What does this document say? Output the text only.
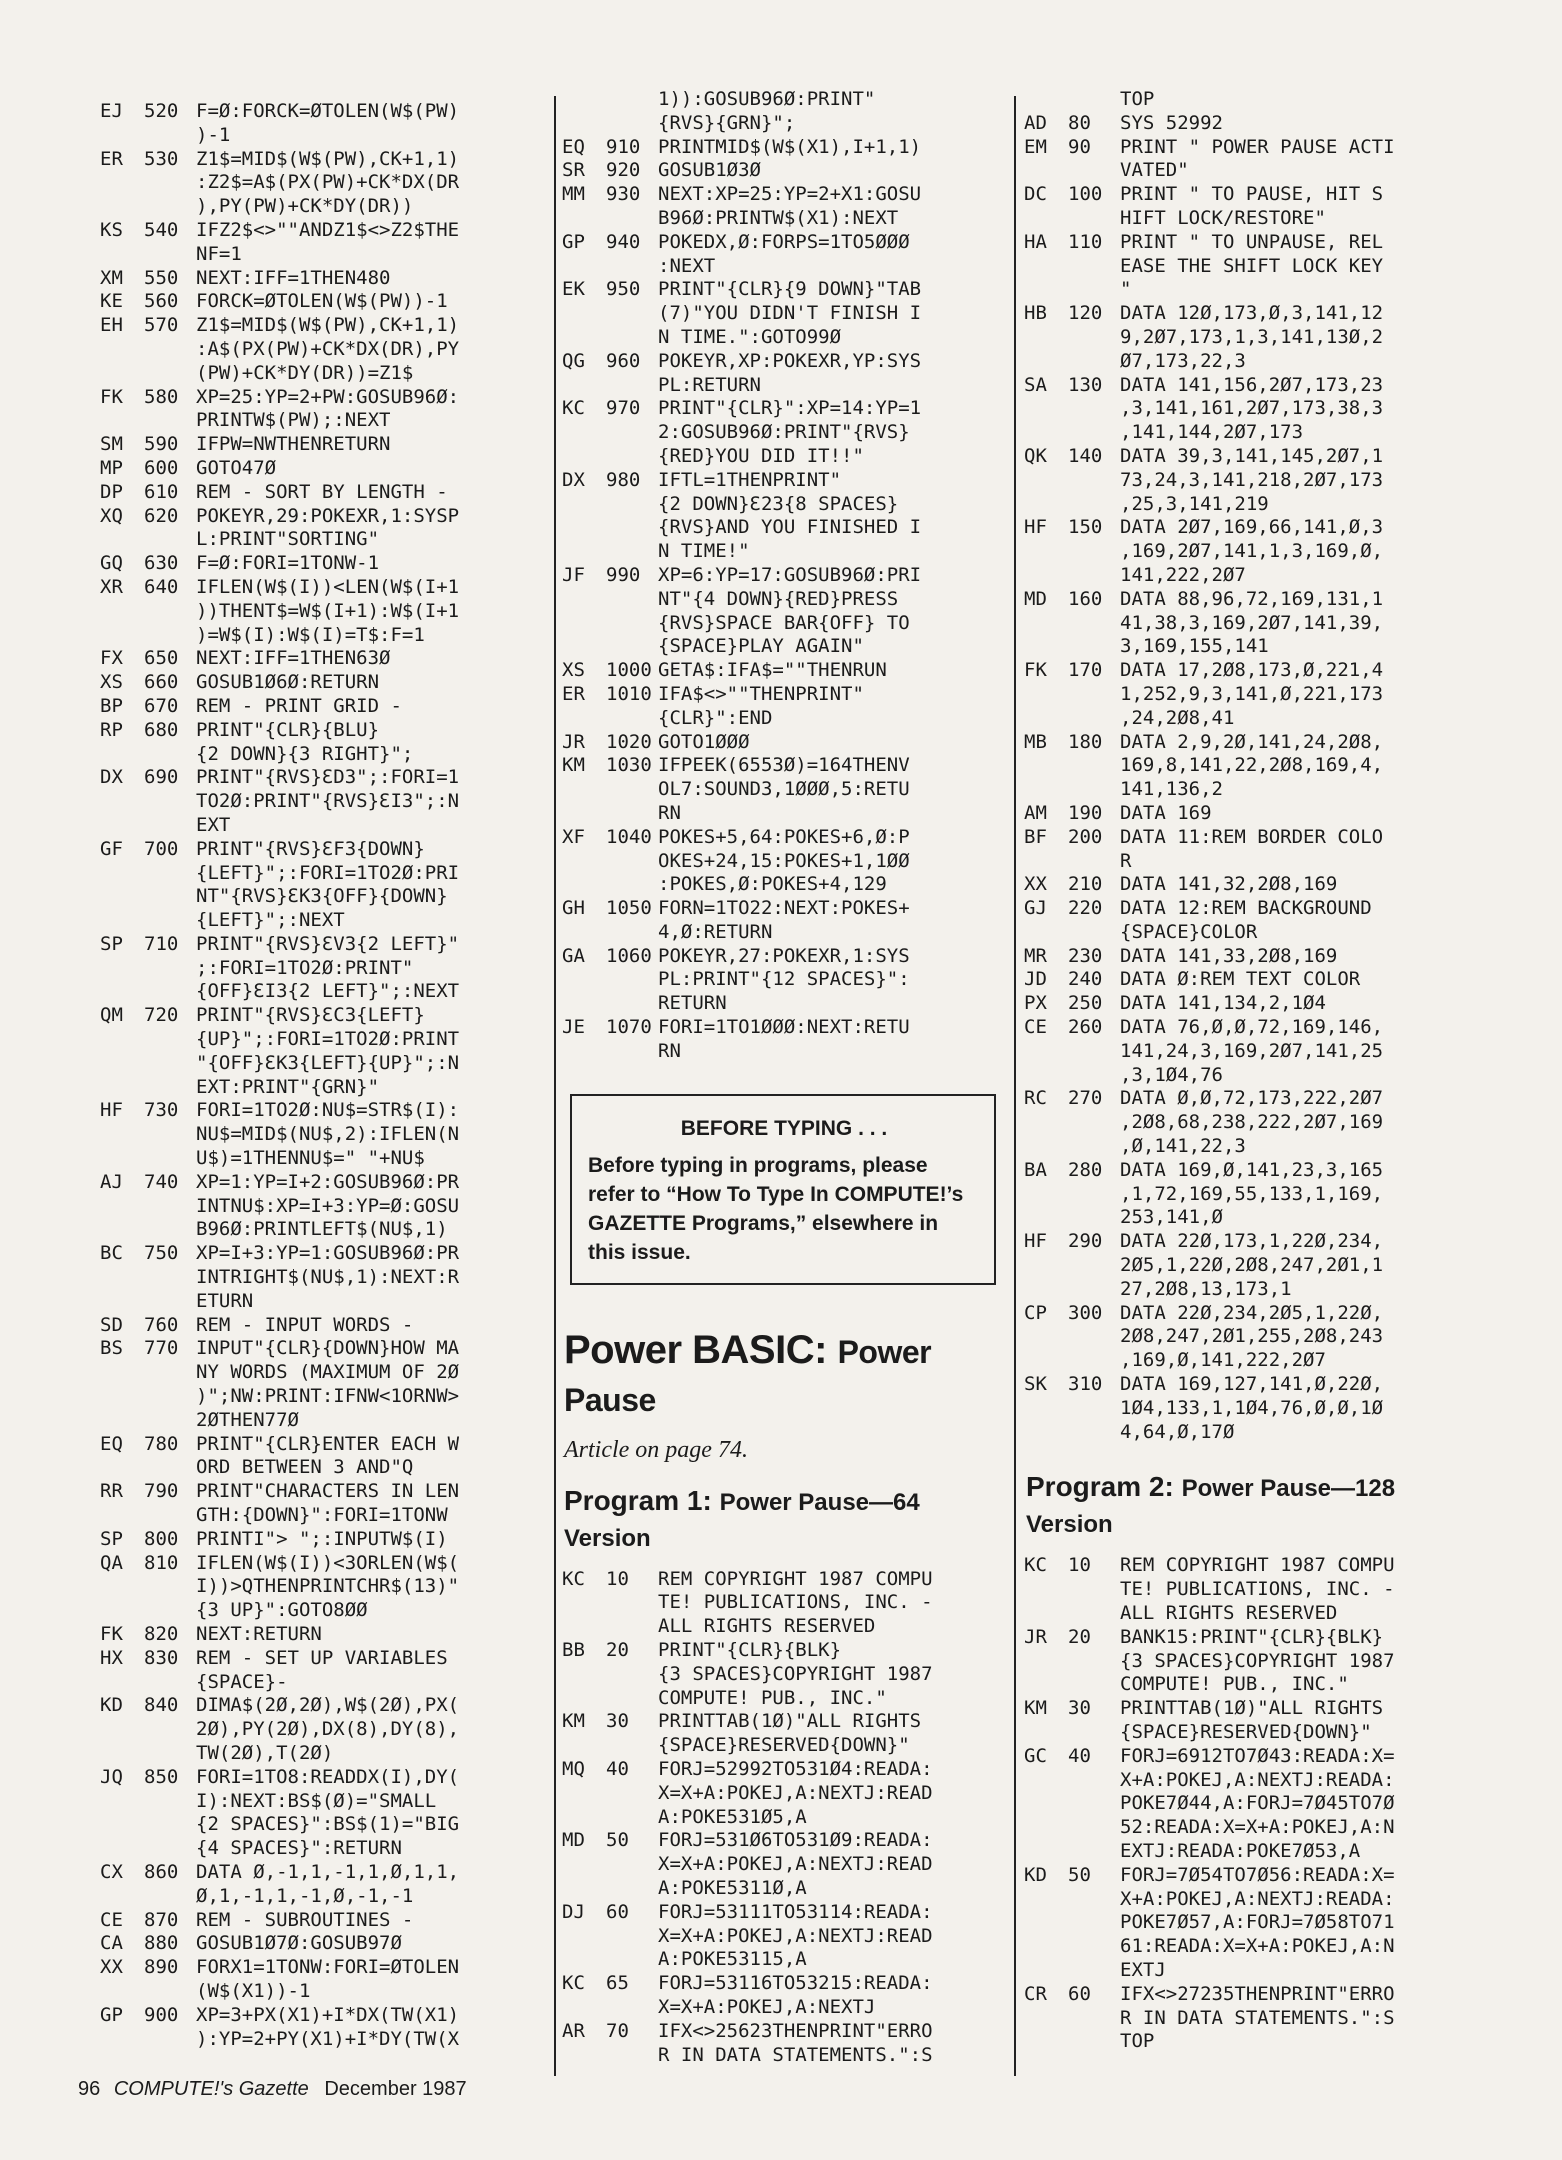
EJ	520 F=Ø:FORCK=ØTOLEN(W$(PW)
)-1
ER	530 Z1$=MID$(W$(PW),CK+1,1)
:Z2$=A$(PX(PW)+CK*DX(DR
),PY(PW)+CK*DY(DR))
KS	540 IFZ2$<>""ANDZ1$<>Z2$THE
NF=1
XM	550 NEXT:IFF=1THEN480
KE	560 FORCK=ØTOLEN(W$(PW))-1
EH	570 Z1$=MID$(W$(PW),CK+1,1)
:A$(PX(PW)+CK*DX(DR),PY
(PW)+CK*DY(DR))=Z1$
FK	580 XP=25:YP=2+PW:GOSUB96Ø:
PRINTW$(PW);:NEXT
SM	590 IFPW=NWTHENRETURN
MP	600 GOTO47Ø
DP	610 REM - SORT BY LENGTH -
XQ	620 POKEYR,29:POKEXR,1:SYSP
L:PRINT"SORTING"
GQ	630 F=Ø:FORI=1TONW-1
XR	640 IFLEN(W$(I))<LEN(W$(I+1
))THENT$=W$(I+1):W$(I+1
)=W$(I):W$(I)=T$:F=1
FX	650 NEXT:IFF=1THEN63Ø
XS	660 GOSUB1Ø6Ø:RETURN
BP	670 REM - PRINT GRID -
RP	680 PRINT"{CLR}{BLU}
{2 DOWN}{3 RIGHT}";
DX	690 PRINT"{RVS}ƐD3";:FORI=1
TO2Ø:PRINT"{RVS}ƐI3";:N
EXT
GF	700 PRINT"{RVS}ƐF3{DOWN}
{LEFT}";:FORI=1TO2Ø:PRI
NT"{RVS}ƐK3{OFF}{DOWN}
{LEFT}";:NEXT
SP	710 PRINT"{RVS}ƐV3{2 LEFT}"
;:FORI=1TO2Ø:PRINT"
{OFF}ƐI3{2 LEFT}";:NEXT
QM	720 PRINT"{RVS}ƐC3{LEFT}
{UP}";:FORI=1TO2Ø:PRINT
"{OFF}ƐK3{LEFT}{UP}";:N
EXT:PRINT"{GRN}"
HF	730 FORI=1TO2Ø:NU$=STR$(I):
NU$=MID$(NU$,2):IFLEN(N
U$)=1THENNU$=" "+NU$
AJ	740 XP=1:YP=I+2:GOSUB96Ø:PR
INTNU$:XP=I+3:YP=Ø:GOSU
B96Ø:PRINTLEFT$(NU$,1)
BC	750 XP=I+3:YP=1:GOSUB96Ø:PR
INTRIGHT$(NU$,1):NEXT:R
ETURN
SD	760 REM - INPUT WORDS -
BS	770 INPUT"{CLR}{DOWN}HOW MA
NY WORDS (MAXIMUM OF 2Ø
)";NW:PRINT:IFNW<1ORNW>
2ØTHEN77Ø
EQ	780 PRINT"{CLR}ENTER EACH W
ORD BETWEEN 3 AND"Q
RR	790 PRINT"CHARACTERS IN LEN
GTH:{DOWN}":FORI=1TONW
SP	800 PRINTI"> ";:INPUTW$(I)
QA	810 IFLEN(W$(I))<3ORLEN(W$(
I))>QTHENPRINTCHR$(13)"
{3 UP}":GOTO8ØØ
FK	820 NEXT:RETURN
HX	830 REM - SET UP VARIABLES
{SPACE}-
KD	840 DIMA$(2Ø,2Ø),W$(2Ø),PX(
2Ø),PY(2Ø),DX(8),DY(8),
TW(2Ø),T(2Ø)
JQ	850 FORI=1TO8:READDX(I),DY(
I):NEXT:BS$(Ø)="SMALL
{2 SPACES}":BS$(1)="BIG
{4 SPACES}":RETURN
CX	860 DATA Ø,-1,1,-1,1,Ø,1,1,
Ø,1,-1,1,-1,Ø,-1,-1
CE	870 REM - SUBROUTINES -
CA	880 GOSUB1Ø7Ø:GOSUB97Ø
XX	890 FORX1=1TONW:FORI=ØTOLEN
(W$(X1))-1
GP	900 XP=3+PX(X1)+I*DX(TW(X1)
):YP=2+PY(X1)+I*DY(TW(X
1)):GOSUB96Ø:PRINT"
{RVS}{GRN}";
EQ	910 PRINTMID$(W$(X1),I+1,1)
SR	920 GOSUB1Ø3Ø
MM	930 NEXT:XP=25:YP=2+X1:GOSU
B96Ø:PRINTW$(X1):NEXT
GP	940 POKEDX,Ø:FORPS=1TO5ØØØ
:NEXT
EK	950 PRINT"{CLR}{9 DOWN}"TAB
(7)"YOU DIDN'T FINISH I
N TIME.":GOTO99Ø
QG	960 POKEYR,XP:POKEXR,YP:SYS
PL:RETURN
KC	970 PRINT"{CLR}":XP=14:YP=1
2:GOSUB96Ø:PRINT"{RVS}
{RED}YOU DID IT!!"
DX	980 IFTL=1THENPRINT"
{2 DOWN}Ɛ23{8 SPACES}
{RVS}AND YOU FINISHED I
N TIME!"
JF	990 XP=6:YP=17:GOSUB96Ø:PRI
NT"{4 DOWN}{RED}PRESS
{RVS}SPACE BAR{OFF} TO
{SPACE}PLAY AGAIN"
XS	1000 GETA$:IFA$=""THENRUN
ER	1010 IFA$<>""THENPRINT"
{CLR}":END
JR	1020 GOTO1ØØØ
KM	1030 IFPEEK(6553Ø)=164THENV
OL7:SOUND3,1ØØØ,5:RETU
RN
XF	1040 POKES+5,64:POKES+6,Ø:P
OKES+24,15:POKES+1,1ØØ
:POKES,Ø:POKES+4,129
GH	1050 FORN=1TO22:NEXT:POKES+
4,Ø:RETURN
GA	1060 POKEYR,27:POKEXR,1:SYS
PL:PRINT"{12 SPACES}":
RETURN
JE	1070 FORI=1TO1ØØØ:NEXT:RETU
RN
BEFORE TYPING . . .
Before typing in programs, please refer to “How To Type In COMPUTE!’s GAZETTE Programs,” elsewhere in this issue.
Power BASIC: Power Pause
Article on page 74.
Program 1: Power Pause—64 Version
KC	10	REM COPYRIGHT 1987 COMPU
TE! PUBLICATIONS, INC. -
ALL RIGHTS RESERVED
BB	20	PRINT"{CLR}{BLK}
{3 SPACES}COPYRIGHT 1987
COMPUTE! PUB., INC."
KM	30	PRINTTAB(1Ø)"ALL RIGHTS
{SPACE}RESERVED{DOWN}"
MQ	40	FORJ=52992TO531Ø4:READA:
X=X+A:POKEJ,A:NEXTJ:READ
A:POKE531Ø5,A
MD	50	FORJ=531Ø6TO531Ø9:READA:
X=X+A:POKEJ,A:NEXTJ:READ
A:POKE5311Ø,A
DJ	60	FORJ=53111TO53114:READA:
X=X+A:POKEJ,A:NEXTJ:READ
A:POKE53115,A
KC	65	FORJ=53116TO53215:READA:
X=X+A:POKEJ,A:NEXTJ
AR	70	IFX<>25623THENPRINT"ERRO
R IN DATA STATEMENTS.":S
TOP
AD	80	SYS 52992
EM	90	PRINT " POWER PAUSE ACTI
VATED"
DC	100 PRINT " TO PAUSE, HIT S
HIFT LOCK/RESTORE"
HA	110 PRINT " TO UNPAUSE, REL
EASE THE SHIFT LOCK KEY
"
HB	120 DATA 12Ø,173,Ø,3,141,12
9,2Ø7,173,1,3,141,13Ø,2
Ø7,173,22,3
SA	130 DATA 141,156,2Ø7,173,23
,3,141,161,2Ø7,173,38,3
,141,144,2Ø7,173
QK	140 DATA 39,3,141,145,2Ø7,1
73,24,3,141,218,2Ø7,173
,25,3,141,219
HF	150 DATA 2Ø7,169,66,141,Ø,3
,169,2Ø7,141,1,3,169,Ø,
141,222,2Ø7
MD	160 DATA 88,96,72,169,131,1
41,38,3,169,2Ø7,141,39,
3,169,155,141
FK	170 DATA 17,2Ø8,173,Ø,221,4
1,252,9,3,141,Ø,221,173
,24,2Ø8,41
MB	180 DATA 2,9,2Ø,141,24,2Ø8,
169,8,141,22,2Ø8,169,4,
141,136,2
AM	190 DATA 169
BF	200 DATA 11:REM BORDER COLO
R
XX	210 DATA 141,32,2Ø8,169
GJ	220 DATA 12:REM BACKGROUND
{SPACE}COLOR
MR	230 DATA 141,33,2Ø8,169
JD	240 DATA Ø:REM TEXT COLOR
PX	250 DATA 141,134,2,1Ø4
CE	260 DATA 76,Ø,Ø,72,169,146,
141,24,3,169,2Ø7,141,25
,3,1Ø4,76
RC	270 DATA Ø,Ø,72,173,222,2Ø7
,2Ø8,68,238,222,2Ø7,169
,Ø,141,22,3
BA	280 DATA 169,Ø,141,23,3,165
,1,72,169,55,133,1,169,
253,141,Ø
HF	290 DATA 22Ø,173,1,22Ø,234,
2Ø5,1,22Ø,2Ø8,247,2Ø1,1
27,2Ø8,13,173,1
CP	300 DATA 22Ø,234,2Ø5,1,22Ø,
2Ø8,247,2Ø1,255,2Ø8,243
,169,Ø,141,222,2Ø7
SK	310 DATA 169,127,141,Ø,22Ø,
1Ø4,133,1,1Ø4,76,Ø,Ø,1Ø
4,64,Ø,17Ø
Program 2: Power Pause—128 Version
KC	10	REM COPYRIGHT 1987 COMPU
TE! PUBLICATIONS, INC. -
ALL RIGHTS RESERVED
JR	20	BANK15:PRINT"{CLR}{BLK}
{3 SPACES}COPYRIGHT 1987
COMPUTE! PUB., INC."
KM	30	PRINTTAB(1Ø)"ALL RIGHTS
{SPACE}RESERVED{DOWN}"
GC	40	FORJ=6912TO7Ø43:READA:X=
X+A:POKEJ,A:NEXTJ:READA:
POKE7Ø44,A:FORJ=7Ø45TO7Ø
52:READA:X=X+A:POKEJ,A:N
EXTJ:READA:POKE7Ø53,A
KD	50	FORJ=7Ø54TO7Ø56:READA:X=
X+A:POKEJ,A:NEXTJ:READA:
POKE7Ø57,A:FORJ=7Ø58TO71
61:READA:X=X+A:POKEJ,A:N
EXTJ
CR	60	IFX<>27235THENPRINT"ERRO
R IN DATA STATEMENTS.":S
TOP
96 COMPUTE!'s Gazette December 1987
